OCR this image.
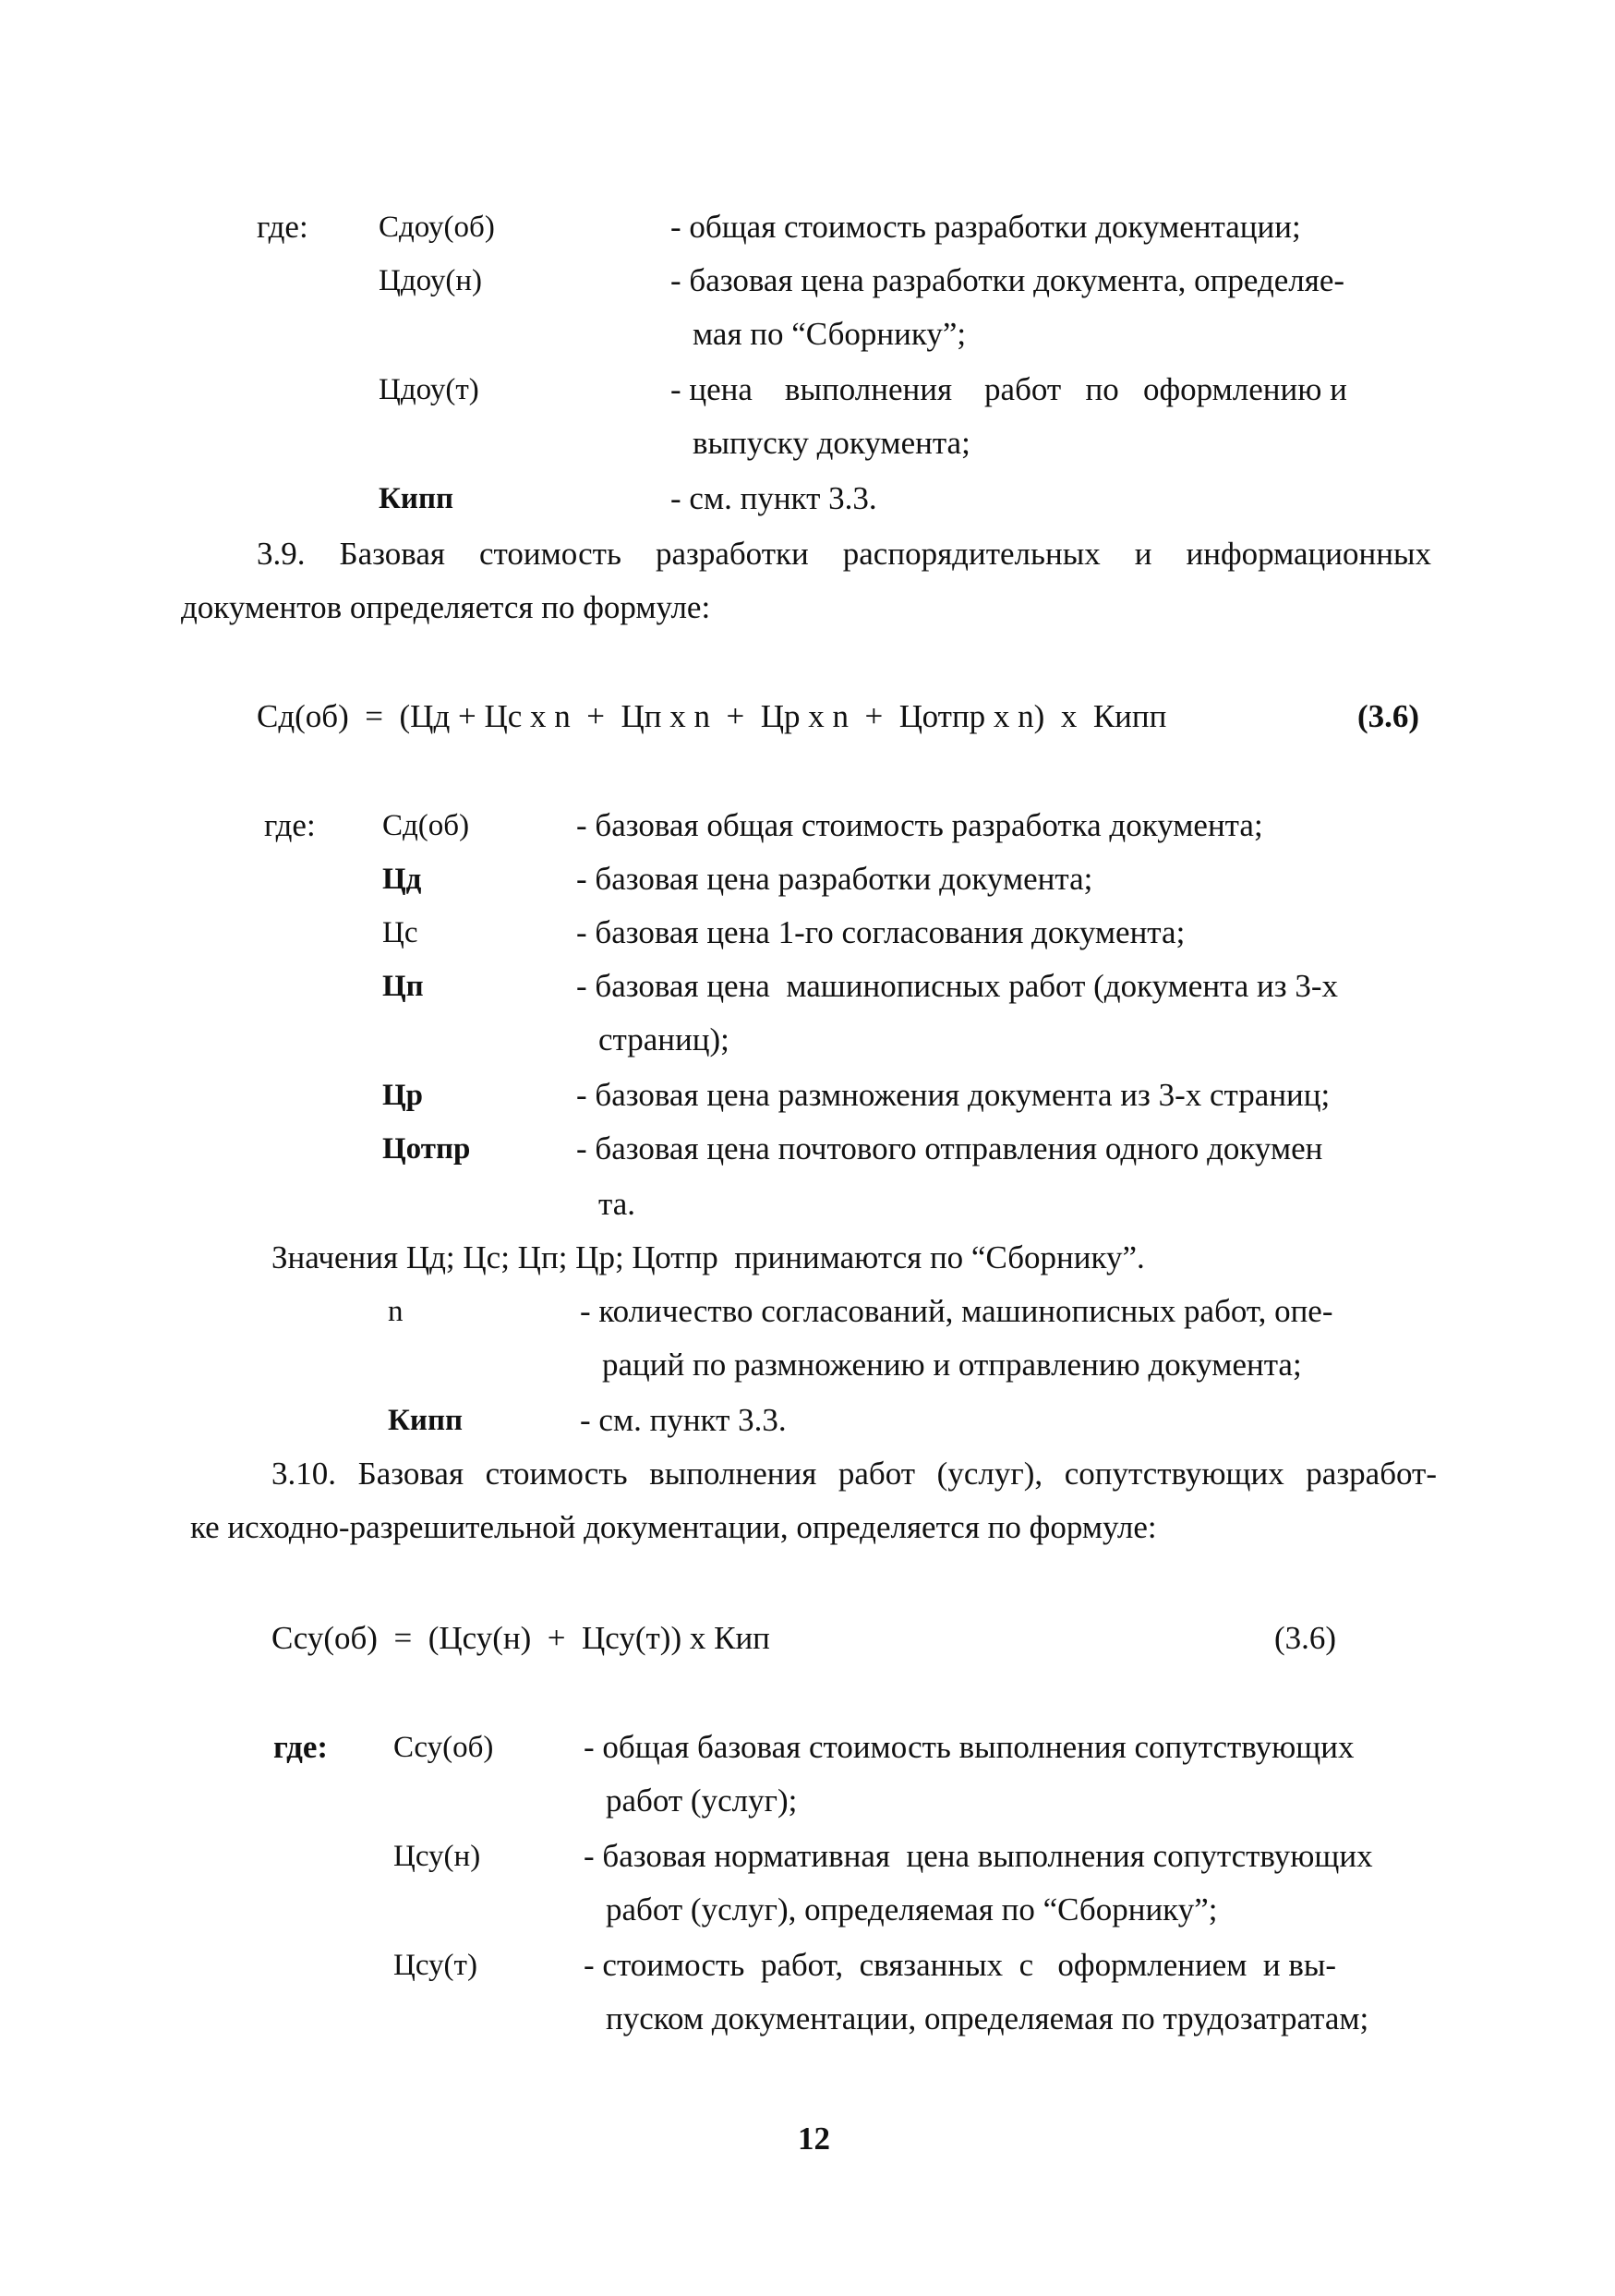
где: Сдоу(об)	- общая стоимость разработки документации;
Цдоу(н)	- базовая цена разработки документа, определяе-
мая по “Сборнику”;
Цдоу(т)	- цена    выполнения    работ   по   оформлению и
выпуску документа;
Кипп	- см. пункт 3.3.
3.9. Базовая стоимость разработки распорядительных и информационных
документов определяется по формуле:
Сд(об)  =  (Цд + Цс x n  +  Цп x n  +  Цр x n  +  Цотпр x n)  x  Кипп	(3.6)
где: Сд(об)	- базовая общая стоимость разработка документа;
Цд	- базовая цена разработки документа;
Цс	- базовая цена 1-го согласования документа;
Цп	- базовая цена  машинописных работ (документа из 3-х
страниц);
Цр	- базовая цена размножения документа из 3-х страниц;
Цотпр	- базовая цена почтового отправления одного докумен
та.
Значения Цд; Цс; Цп; Цр; Цотпр  принимаются по “Сборнику”.
n	- количество согласований, машинописных работ, опе-
раций по размножению и отправлению документа;
Кипп	- см. пункт 3.3.
3.10. Базовая стоимость выполнения работ (услуг), сопутствующих разработ-
ке исходно-разрешительной документации, определяется по формуле:
Ссу(об)  =  (Цсу(н)  +  Цсу(т)) x Кип	(3.6)
где: Ссу(об)	- общая базовая стоимость выполнения сопутствующих
работ (услуг);
Цсу(н)	- базовая нормативная  цена выполнения сопутствующих
работ (услуг), определяемая по “Сборнику”;
Цсу(т)	- стоимость  работ,  связанных  с   оформлением  и вы-
пуском документации, определяемая по трудозатратам;
12
